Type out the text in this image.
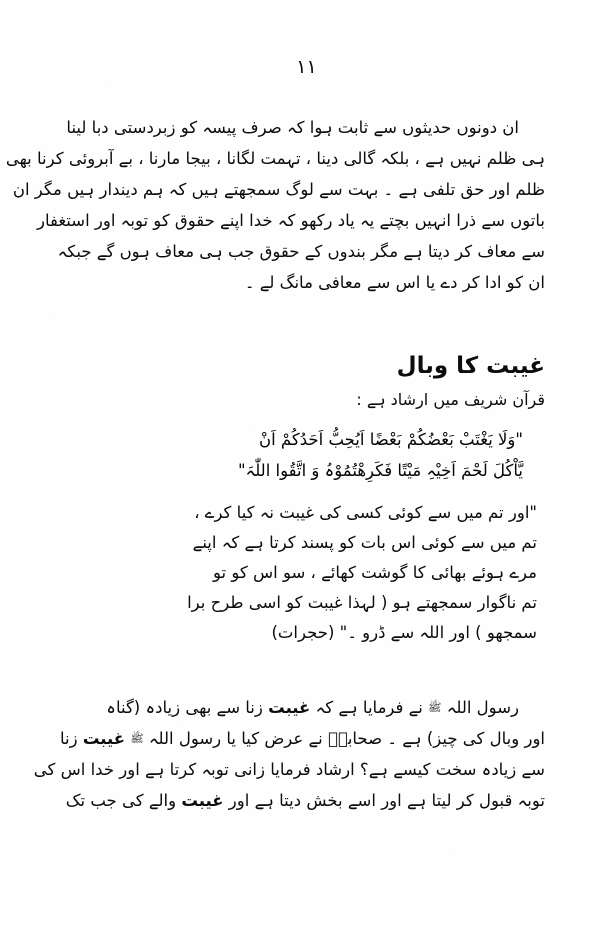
١١
ان دونوں حدیثوں سے ثابت ہوا کہ صرف پیسہ کو زبردستی دبا لینا
ہی ظلم نہیں ہے ، بلکہ گالی دینا ، تہمت لگانا ، بیجا مارنا ، بے آبروئی کرنا بھی
ظلم اور حق تلفی ہے ۔ بہت سے لوگ سمجھتے ہیں کہ ہم دیندار ہیں مگر ان
باتوں سے ذرا انہیں بچتے یہ یاد رکھو کہ خدا اپنے حقوق کو توبہ اور استغفار
سے معاف کر دیتا ہے مگر بندوں کے حقوق جب ہی معاف ہوں گے جبکہ
ان کو ادا کر دے یا اس سے معافی مانگ لے ۔
غیبت کا وبال
قرآن شریف میں ارشاد ہے :
"وَلَا یَغْتَبْ بَعْضُکُمْ بَعْضًا اَیُحِبُّ اَحَدُکُمْ اَنْ
یَّاْکُلَ لَحْمَ اَخِیْہِ مَیْتًا فَکَرِھْتُمُوْہُ وَ اتَّقُوا اللّٰہَ"
"اور تم میں سے کوئی کسی کی غیبت نہ کیا کرے ،
تم میں سے کوئی اس بات کو پسند کرتا ہے کہ اپنے
مرے ہوئے بھائی کا گوشت کھائے ، سو اس کو تو
تم ناگوار سمجھتے ہو ( لہذا غیبت کو اسی طرح برا
سمجھو ) اور اللہ سے ڈرو ۔" (حجرات)
رسول اللہ ﷺ نے فرمایا ہے کہ غیبت زنا سے بھی زیادہ (گناہ
اور وبال کی چیز) ہے ۔ صحابہؓ نے عرض کیا یا رسول اللہ ﷺ غیبت زنا
سے زیادہ سخت کیسے ہے؟ ارشاد فرمایا زانی توبہ کرتا ہے اور خدا اس کی
توبہ قبول کر لیتا ہے اور اسے بخش دیتا ہے اور غیبت والے کی جب تک
